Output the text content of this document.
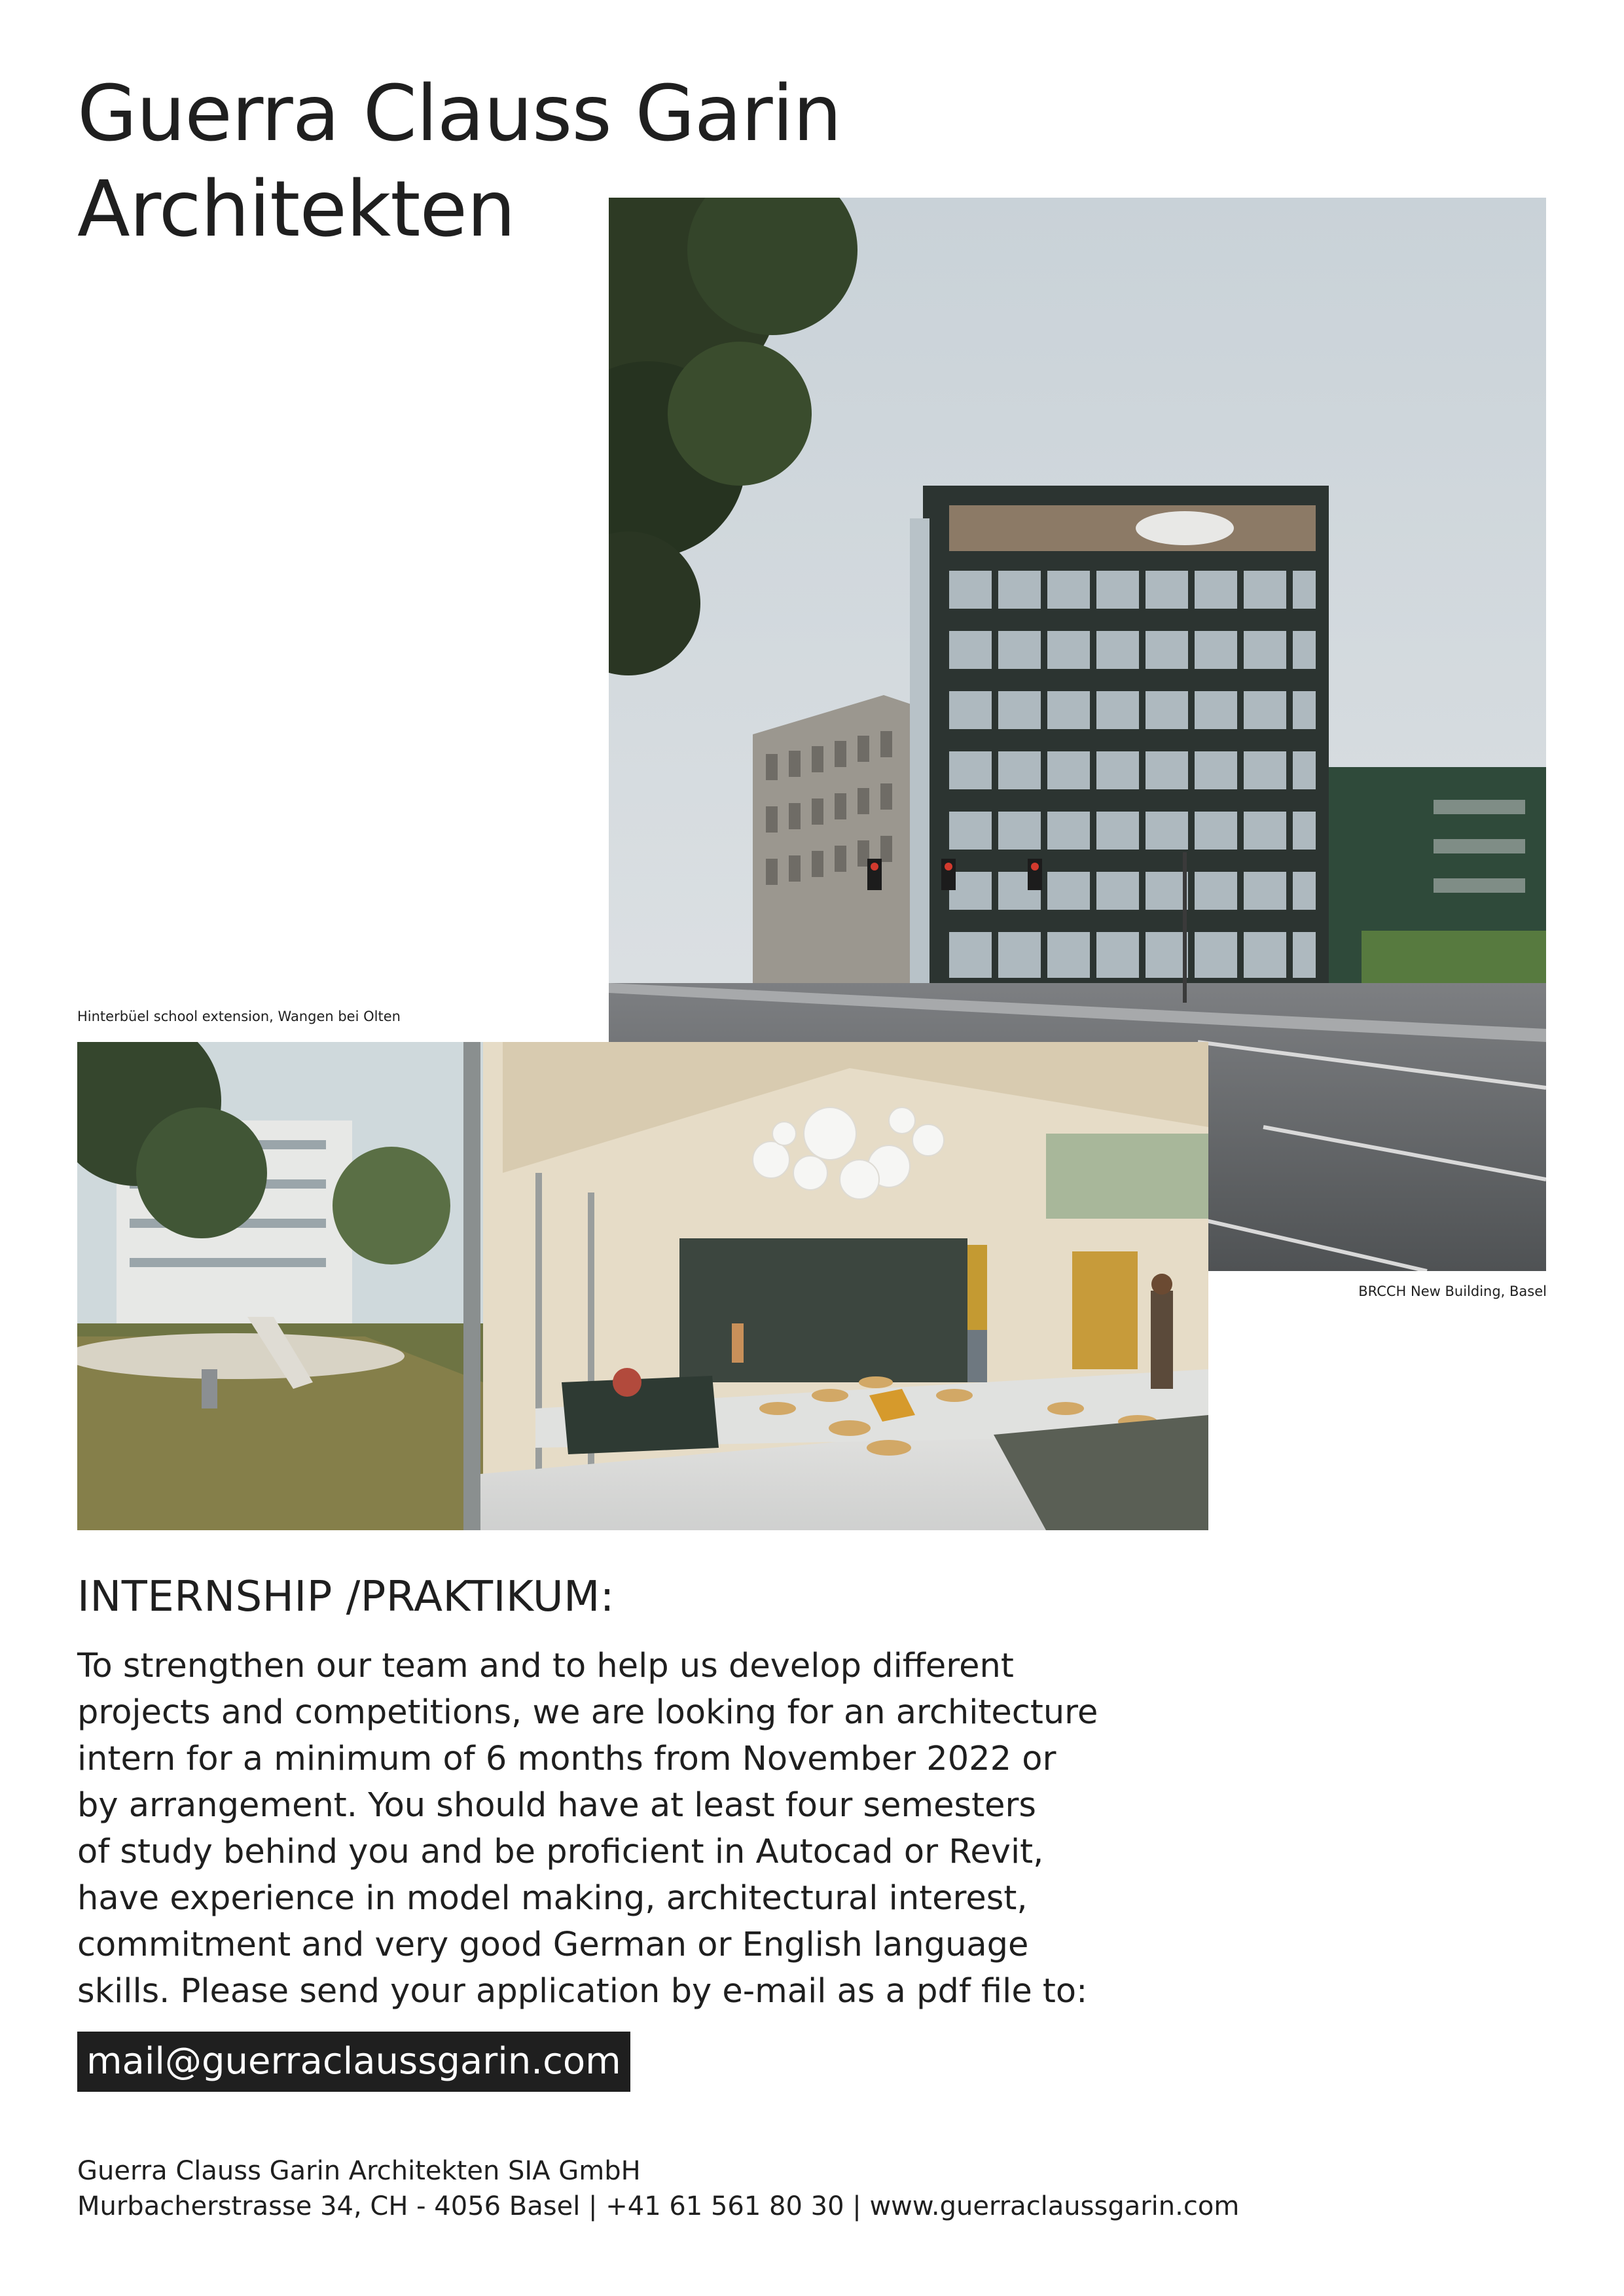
Guerra Clauss Garin
Architekten
BRCCH New Building, Basel
Hinterbüel school extension, Wangen bei Olten
INTERNSHIP /PRAKTIKUM:

To strengthen our team and to help us develop different
projects and competitions, we are looking for an architecture
intern for a minimum of 6 months from November 2022 or
by arrangement. You should have at least four semesters
of study behind you and be proficient in Autocad or Revit,
have experience in model making, architectural interest,
commitment and very good German or English language
skills. Please send your application by e-mail as a pdf file to:

mail@guerraclaussgarin.com
Guerra Clauss Garin Architekten SIA GmbH
Murbacherstrasse 34, CH - 4056 Basel | +41 61 561 80 30 | www.guerraclaussgarin.com
